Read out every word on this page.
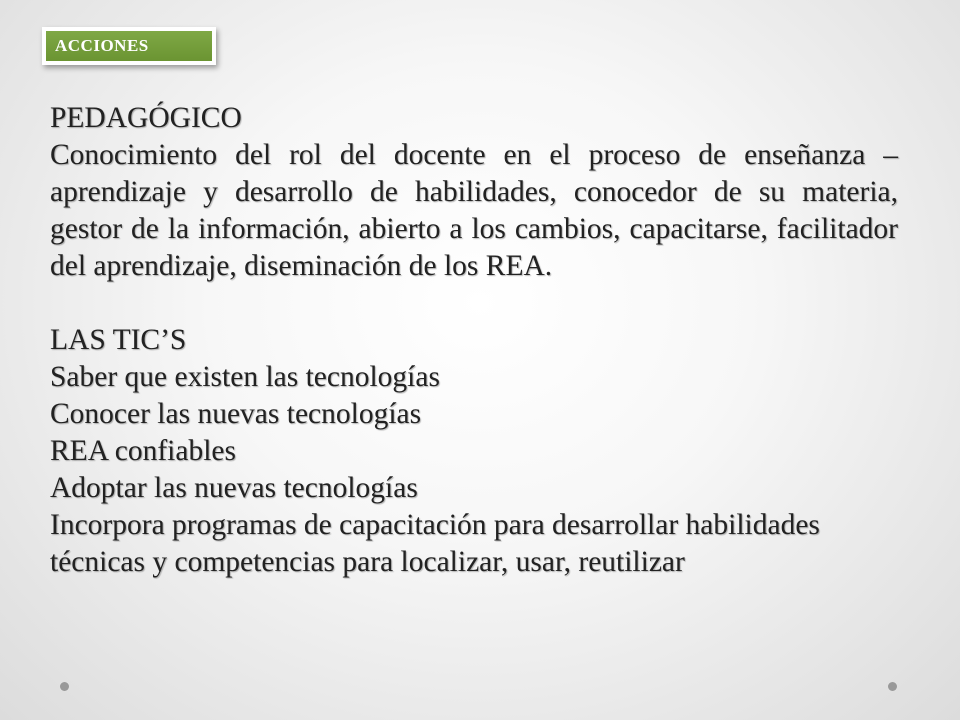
ACCIONES

PEDAGÓGICO

Conocimiento del rol del docente en el proceso de enseñanza – aprendizaje y desarrollo de habilidades, conocedor de su materia, gestor de la información, abierto a los cambios, capacitarse, facilitador del aprendizaje, diseminación de los REA.

LAS TIC’S

Saber que existen las tecnologías

Conocer las nuevas tecnologías

REA confiables

Adoptar las nuevas tecnologías

Incorpora programas de capacitación para desarrollar habilidades técnicas y competencias para localizar, usar, reutilizar
